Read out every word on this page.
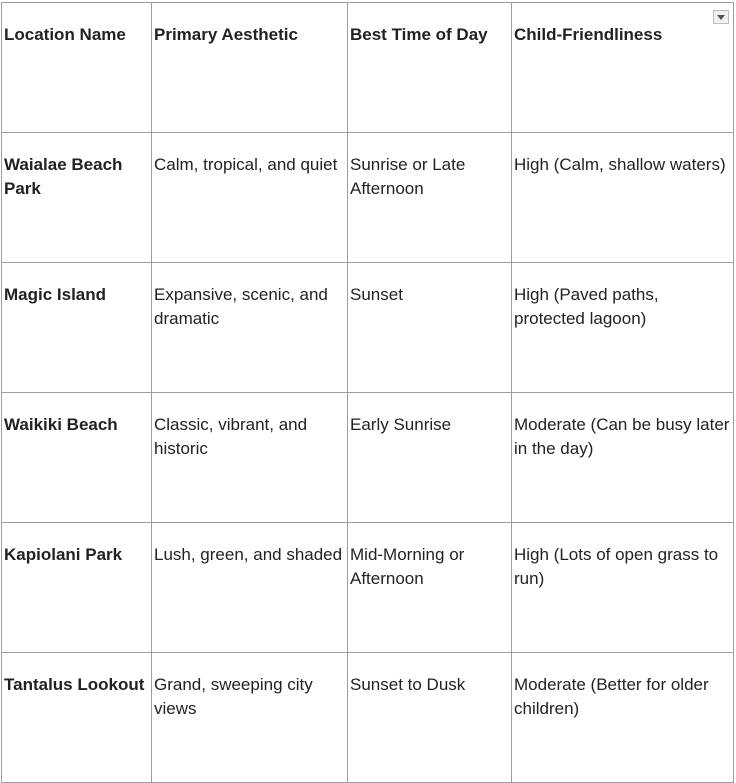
Location Name	Primary Aesthetic	Best Time of Day	Child-Friendliness

Waialae Beach Park	Calm, tropical, and quiet	Sunrise or Late Afternoon	High (Calm, shallow waters)
Magic Island	Expansive, scenic, and dramatic	Sunset	High (Paved paths, protected lagoon)
Waikiki Beach	Classic, vibrant, and historic	Early Sunrise	Moderate (Can be busy later in the day)
Kapiolani Park	Lush, green, and shaded	Mid-Morning or Afternoon	High (Lots of open grass to run)
Tantalus Lookout	Grand, sweeping city views	Sunset to Dusk	Moderate (Better for older children)
